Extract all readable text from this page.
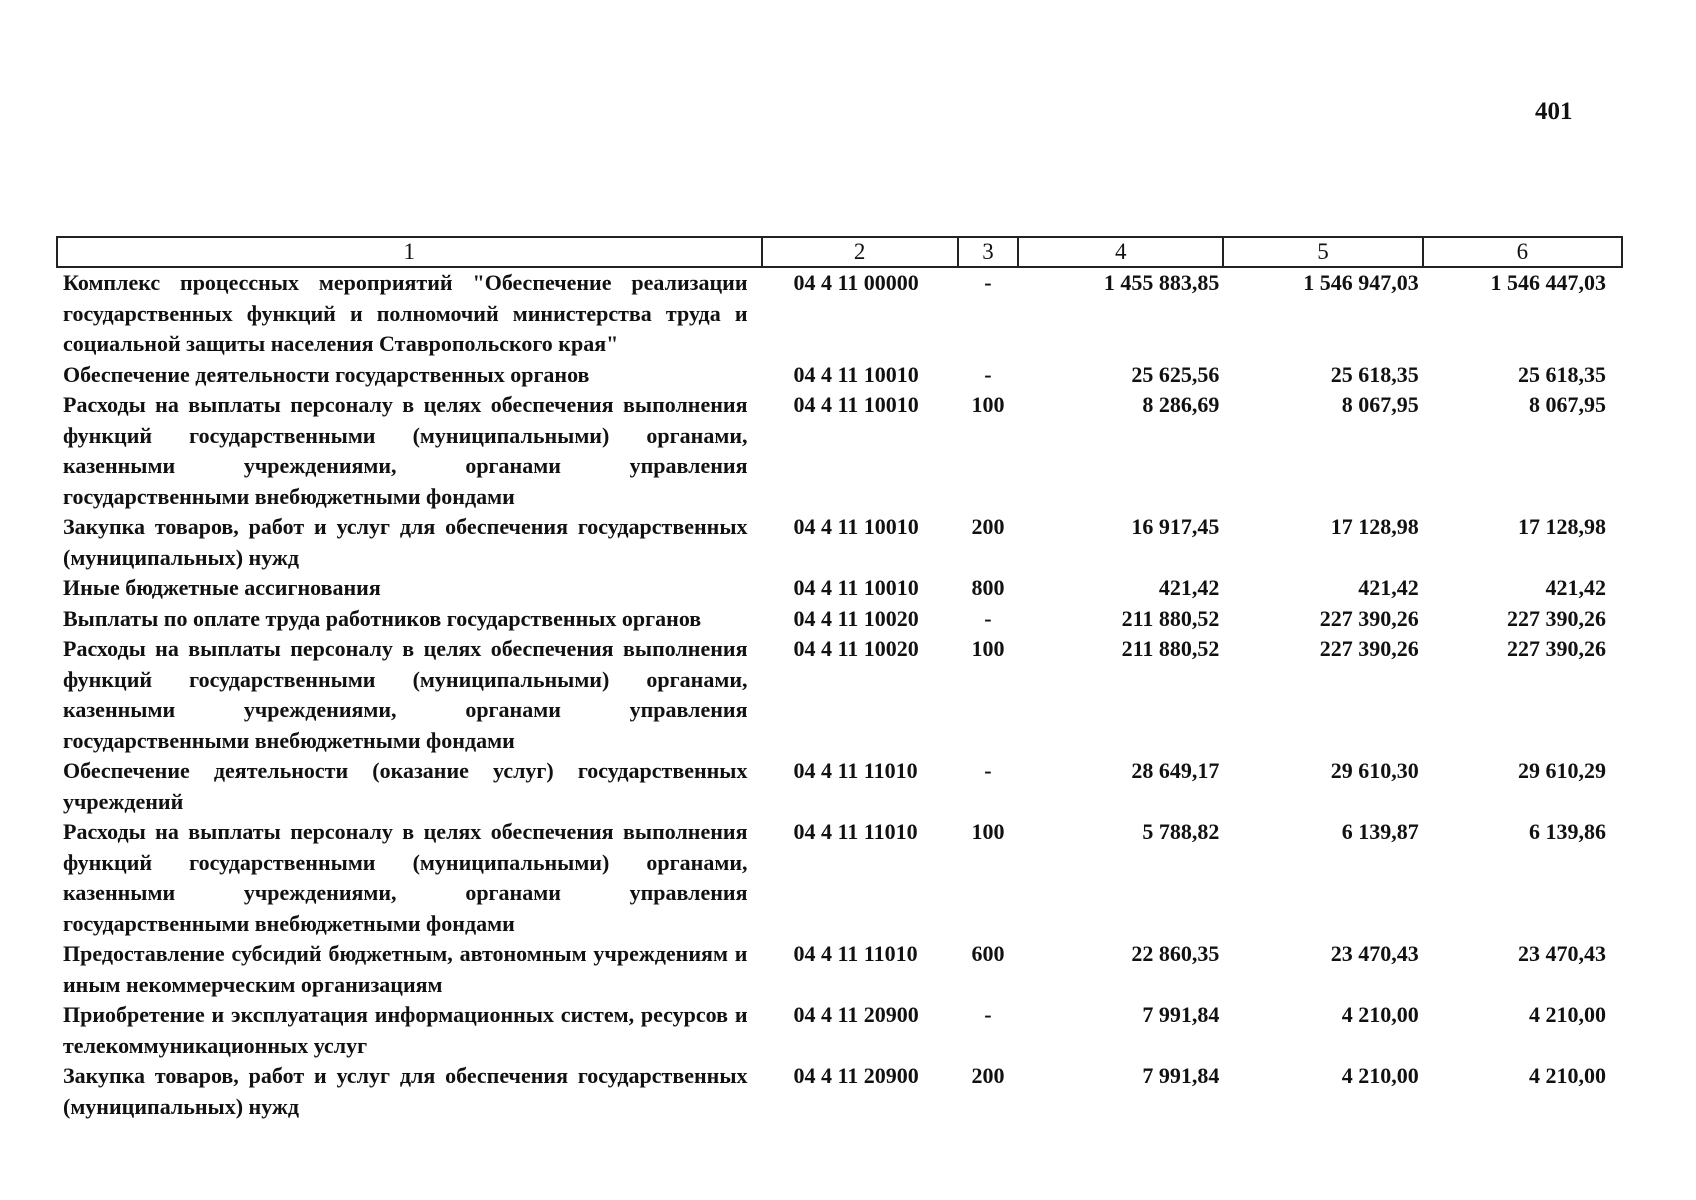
401
1	2	3	4	5	6
Комплекс процессных мероприятий "Обеспечение реализации государственных функций и полномочий министерства труда и социальной защиты населения Ставропольского края"	04 4 11 00000	-	1 455 883,85	1 546 947,03	1 546 447,03
Обеспечение деятельности государственных органов	04 4 11 10010	-	25 625,56	25 618,35	25 618,35
Расходы на выплаты персоналу в целях обеспечения выполнения функций государственными (муниципальными) органами, казенными учреждениями, органами управления государственными внебюджетными фондами	04 4 11 10010	100	8 286,69	8 067,95	8 067,95
Закупка товаров, работ и услуг для обеспечения государственных (муниципальных) нужд	04 4 11 10010	200	16 917,45	17 128,98	17 128,98
Иные бюджетные ассигнования	04 4 11 10010	800	421,42	421,42	421,42
Выплаты по оплате труда работников государственных органов	04 4 11 10020	-	211 880,52	227 390,26	227 390,26
Расходы на выплаты персоналу в целях обеспечения выполнения функций государственными (муниципальными) органами, казенными учреждениями, органами управления государственными внебюджетными фондами	04 4 11 10020	100	211 880,52	227 390,26	227 390,26
Обеспечение деятельности (оказание услуг) государственных учреждений	04 4 11 11010	-	28 649,17	29 610,30	29 610,29
Расходы на выплаты персоналу в целях обеспечения выполнения функций государственными (муниципальными) органами, казенными учреждениями, органами управления государственными внебюджетными фондами	04 4 11 11010	100	5 788,82	6 139,87	6 139,86
Предоставление субсидий бюджетным, автономным учреждениям и иным некоммерческим организациям	04 4 11 11010	600	22 860,35	23 470,43	23 470,43
Приобретение и эксплуатация информационных систем, ресурсов и телекоммуникационных услуг	04 4 11 20900	-	7 991,84	4 210,00	4 210,00
Закупка товаров, работ и услуг для обеспечения государственных (муниципальных) нужд	04 4 11 20900	200	7 991,84	4 210,00	4 210,00
